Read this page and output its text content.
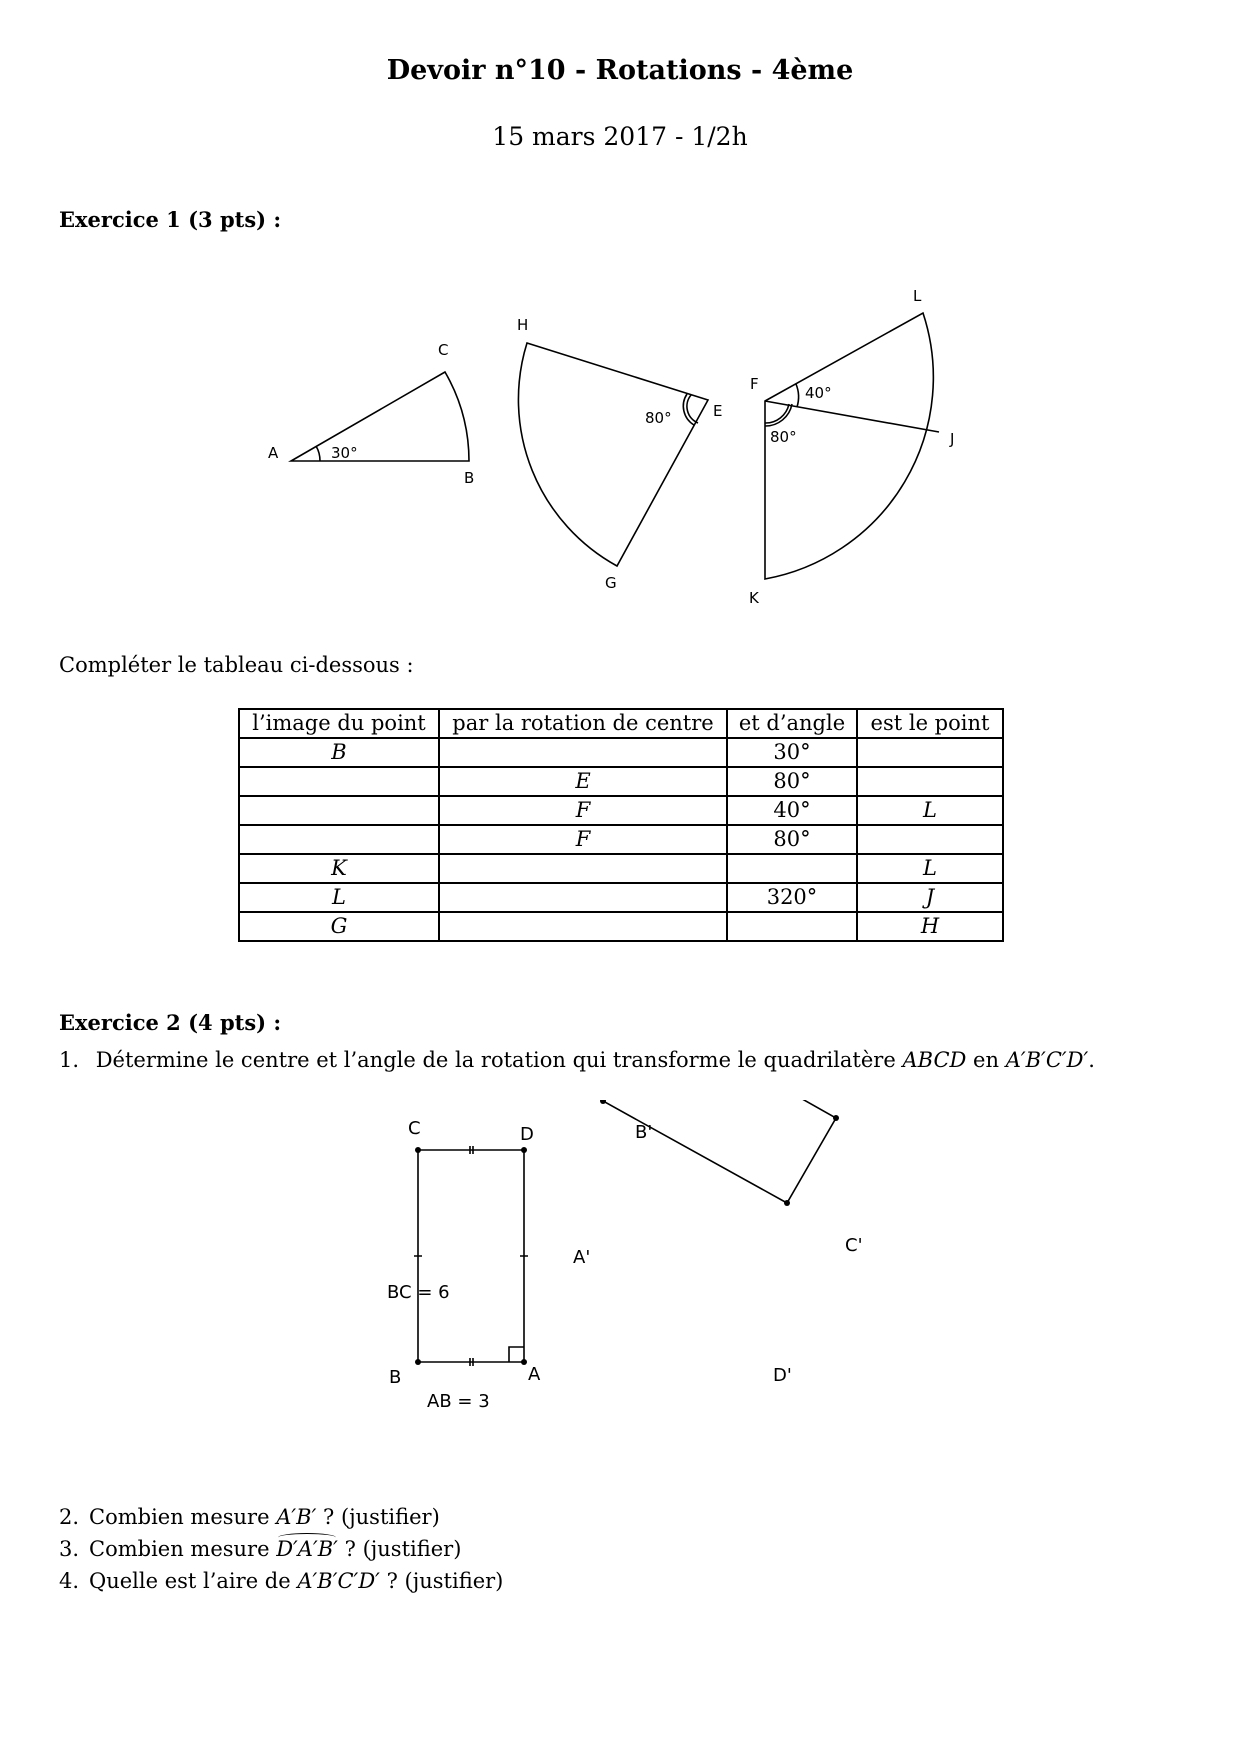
Devoir n°10 - Rotations - 4ème
15 mars 2017 - 1/2h
Exercice 1 (3 pts) :
A	30°
B
C
H
80°	E
G
F	40°
80°
L
J
K
Compléter le tableau ci-dessous :
l’image du point	par la rotation de centre	et d’angle	est le point
B		30°	
	E	80°	
	F	40°	L
	F	80°	
K			L
L		320°	J
G			H
Exercice 2 (4 pts) :
1. Détermine le centre et l’angle de la rotation qui transforme le quadrilatère ABCD en A′B′C′D′.
C	D
B	A
BC = 6
AB = 3
B'
A'
C'
D'
2. Combien mesure A′B′ ? (justifier)
3. Combien mesure D′A′B′ ? (justifier)
4. Quelle est l’aire de A′B′C′D′ ? (justifier)
